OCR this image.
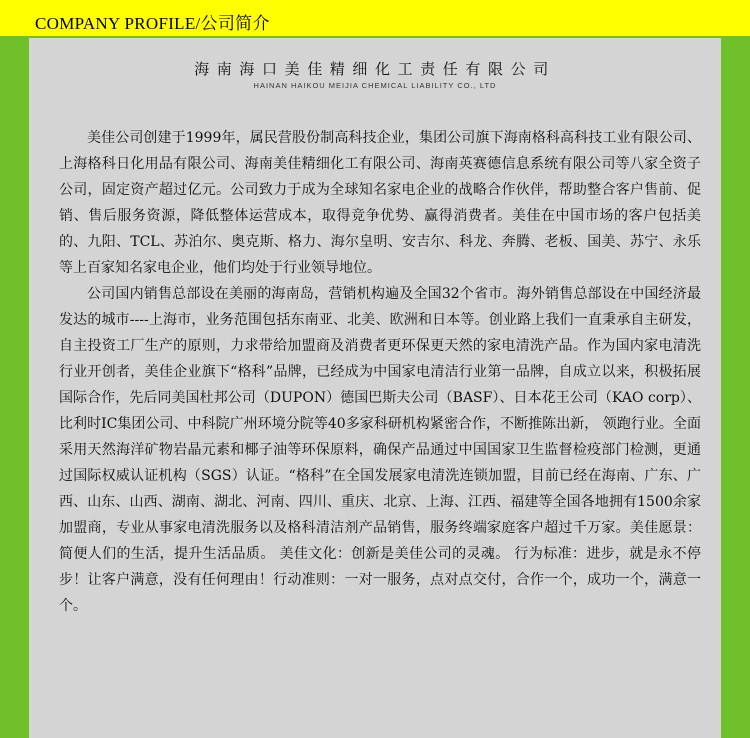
COMPANY PROFILE/公司简介
海南海口美佳精细化工责任有限公司
HAINAN HAIKOU MEIJIA CHEMICAL LIABILITY CO., LTD

美佳公司创建于1999年，属民营股份制高科技企业，集团公司旗下海南格科高科技工业有限公司、上海格科日化用品有限公司、海南美佳精细化工有限公司、海南英赛德信息系统有限公司等八家全资子公司，固定资产超过亿元。公司致力于成为全球知名家电企业的战略合作伙伴，帮助整合客户售前、促销、售后服务资源，降低整体运营成本，取得竞争优势、赢得消费者。美佳在中国市场的客户包括美的、九阳、TCL、苏泊尔、奥克斯、格力、海尔皇明、安吉尔、科龙、奔腾、老板、国美、苏宁、永乐等上百家知名家电企业，他们均处于行业领导地位。

公司国内销售总部设在美丽的海南岛，营销机构遍及全国32个省市。海外销售总部设在中国经济最发达的城市----上海市，业务范围包括东南亚、北美、欧洲和日本等。创业路上我们一直秉承自主研发，自主投资工厂生产的原则，力求带给加盟商及消费者更环保更天然的家电清洗产品。作为国内家电清洗行业开创者，美佳企业旗下“格科”品牌，已经成为中国家电清洁行业第一品牌，自成立以来，积极拓展国际合作，先后同美国杜邦公司（DUPON）德国巴斯夫公司（BASF）、日本花王公司（KAO corp）、比利时IC集团公司、中科院广州环境分院等40多家科研机构紧密合作，不断推陈出新， 领跑行业。全面采用天然海洋矿物岩晶元素和椰子油等环保原料，确保产品通过中国国家卫生监督检疫部门检测，更通过国际权威认证机构（SGS）认证。“格科”在全国发展家电清洗连锁加盟，目前已经在海南、广东、广西、山东、山西、湖南、湖北、河南、四川、重庆、北京、上海、江西、福建等全国各地拥有1500余家加盟商，专业从事家电清洗服务以及格科清洁剂产品销售，服务终端家庭客户超过千万家。美佳愿景：简便人们的生活，提升生活品质。 美佳文化：创新是美佳公司的灵魂。 行为标准：进步，就是永不停步！让客户满意，没有任何理由！行动准则：一对一服务，点对点交付，合作一个，成功一个，满意一个。
